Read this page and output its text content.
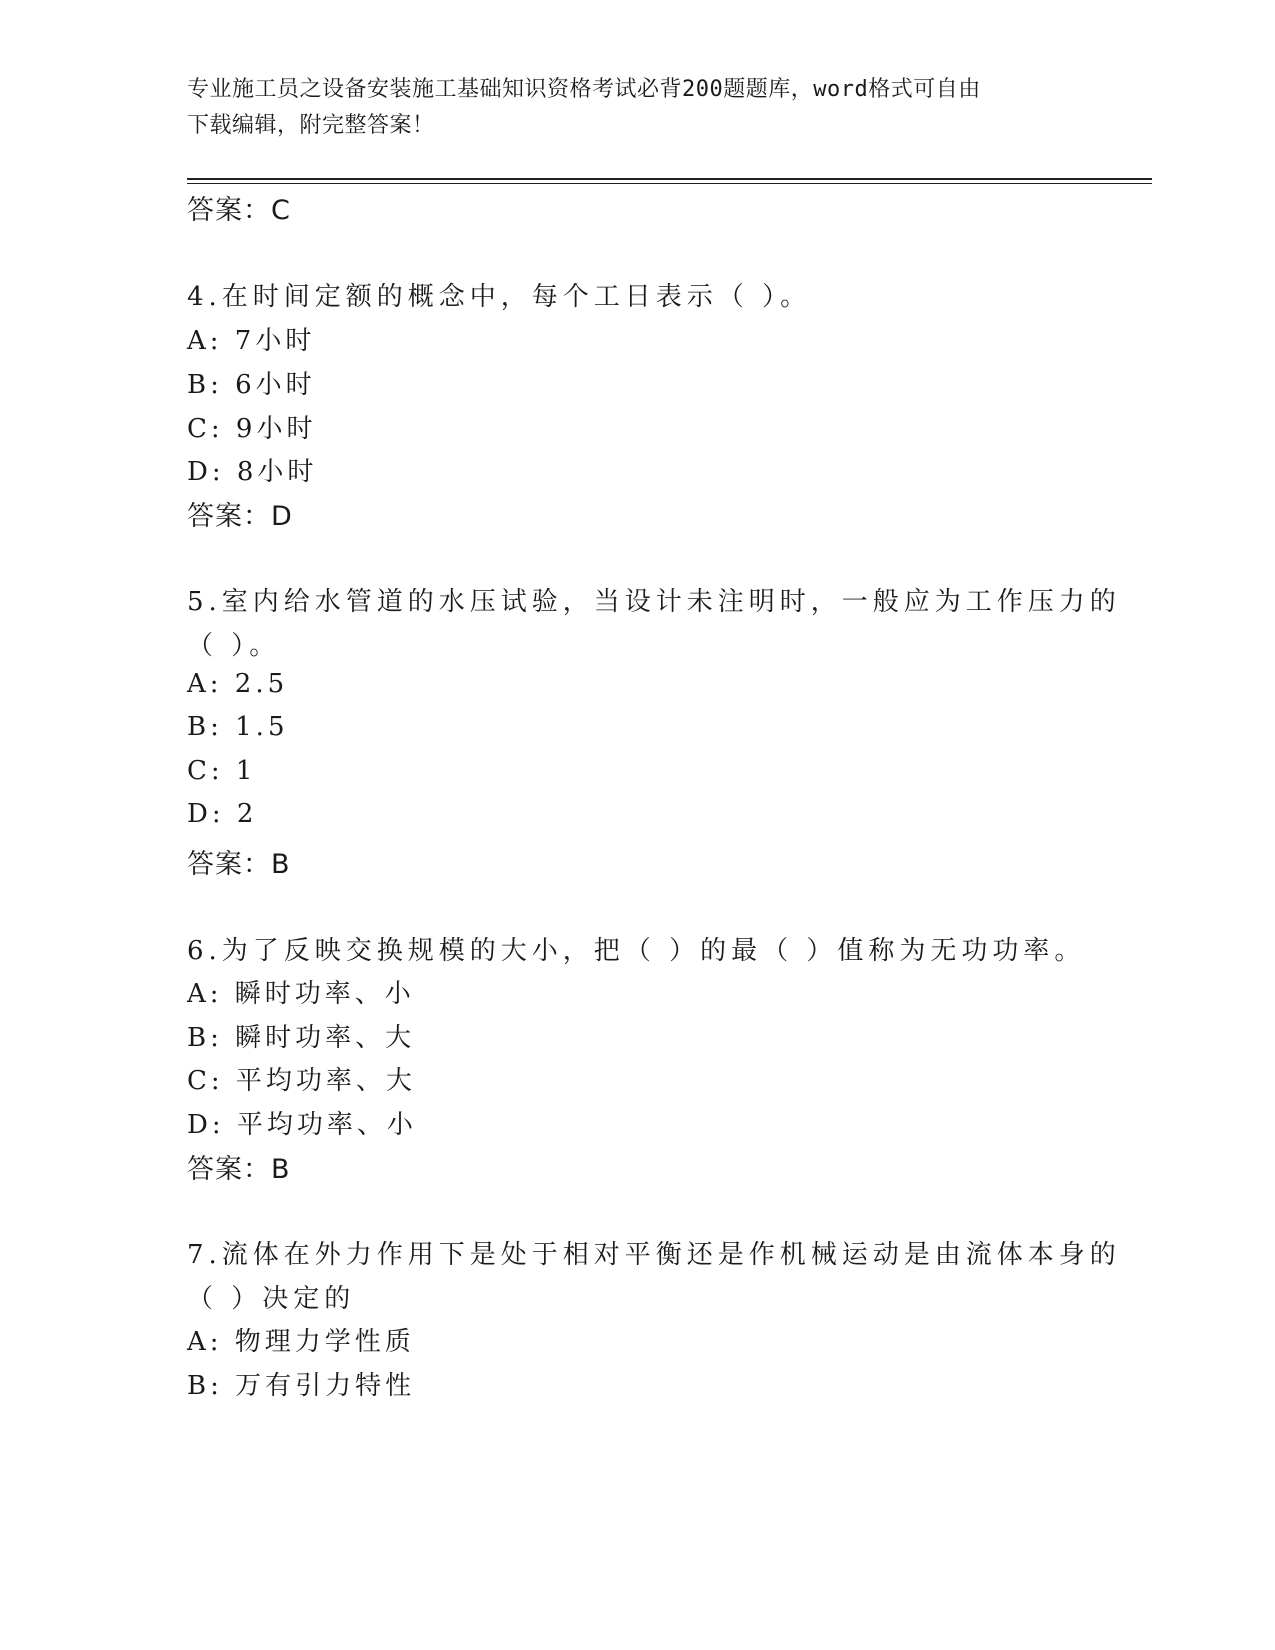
专业施工员之设备安装施工基础知识资格考试必背200题题库，word格式可自由
下载编辑，附完整答案！
答案：C
4.在时间定额的概念中，每个工日表示（ ）。
A: 7小时
B: 6小时
C: 9小时
D: 8小时
答案：D
5.室内给水管道的水压试验，当设计未注明时，一般应为工作压力的
（ ）。
A: 2.5
B: 1.5
C: 1
D: 2
答案：B
6.为了反映交换规模的大小，把（ ）的最（ ）值称为无功功率。
A: 瞬时功率、小
B: 瞬时功率、大
C: 平均功率、大
D: 平均功率、小
答案：B
7.流体在外力作用下是处于相对平衡还是作机械运动是由流体本身的
（ ）决定的
A: 物理力学性质
B: 万有引力特性
